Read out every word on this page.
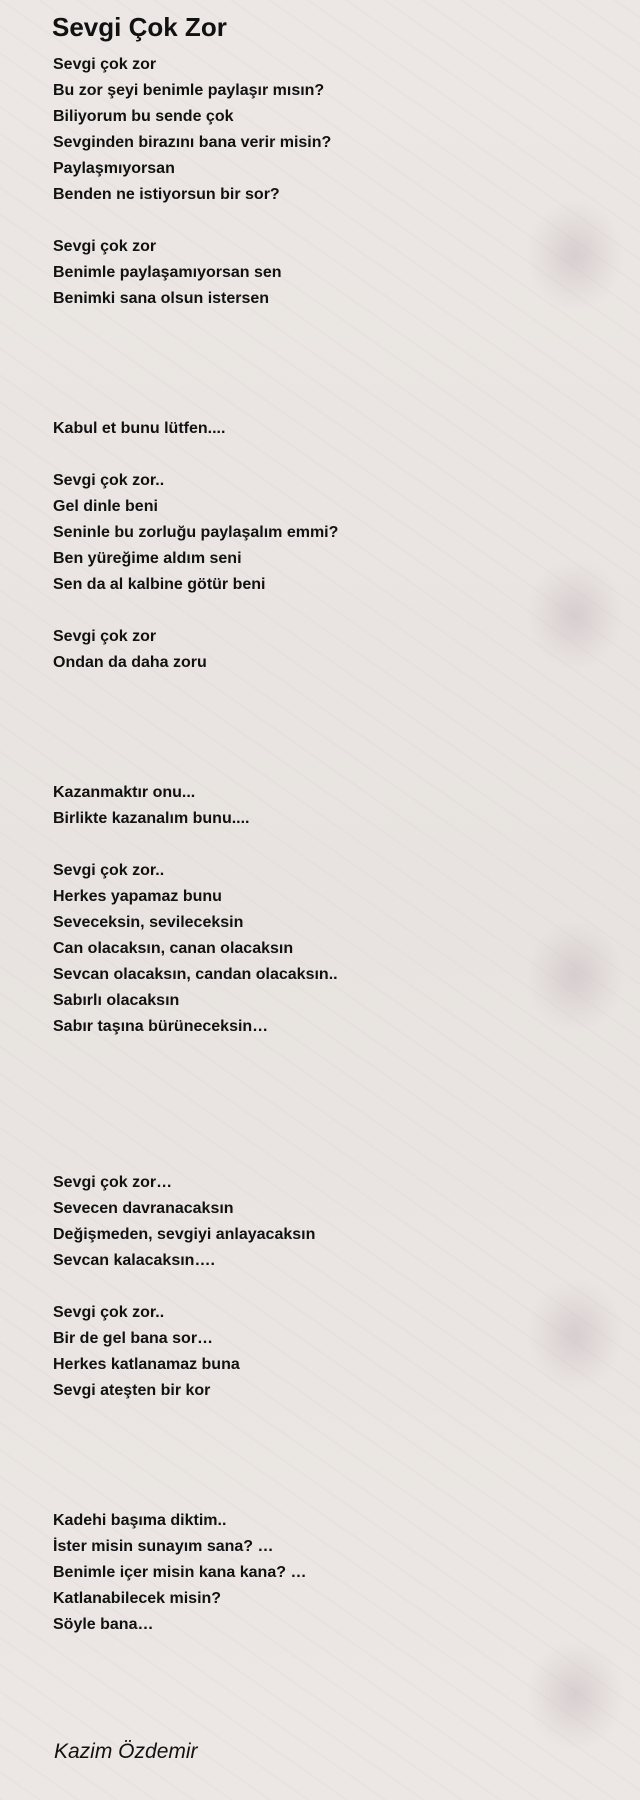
Sevgi Çok Zor
Sevgi çok zor
Bu zor şeyi benimle paylaşır mısın?
Biliyorum bu sende çok
Sevginden birazını bana verir misin?
Paylaşmıyorsan
Benden ne istiyorsun bir sor?
Sevgi çok zor
Benimle paylaşamıyorsan sen
Benimki sana olsun istersen
Kabul et bunu lütfen....
Sevgi çok zor..
Gel dinle beni
Seninle bu zorluğu paylaşalım emmi?
Ben yüreğime aldım seni
Sen da al kalbine götür beni
Sevgi çok zor
Ondan da daha zoru
Kazanmaktır onu...
Birlikte kazanalım bunu....
Sevgi çok zor..
Herkes yapamaz bunu
Seveceksin, sevileceksin
Can olacaksın, canan olacaksın
Sevcan olacaksın, candan olacaksın..
Sabırlı olacaksın
Sabır taşına bürüneceksin…
Sevgi çok zor…
Sevecen davranacaksın
Değişmeden, sevgiyi anlayacaksın
Sevcan kalacaksın….
Sevgi çok zor..
Bir de gel bana sor…
Herkes katlanamaz buna
Sevgi ateşten bir kor
Kadehi başıma diktim..
İster misin sunayım sana? …
Benimle içer misin kana kana? …
Katlanabilecek misin?
Söyle bana…
Kazim Özdemir
